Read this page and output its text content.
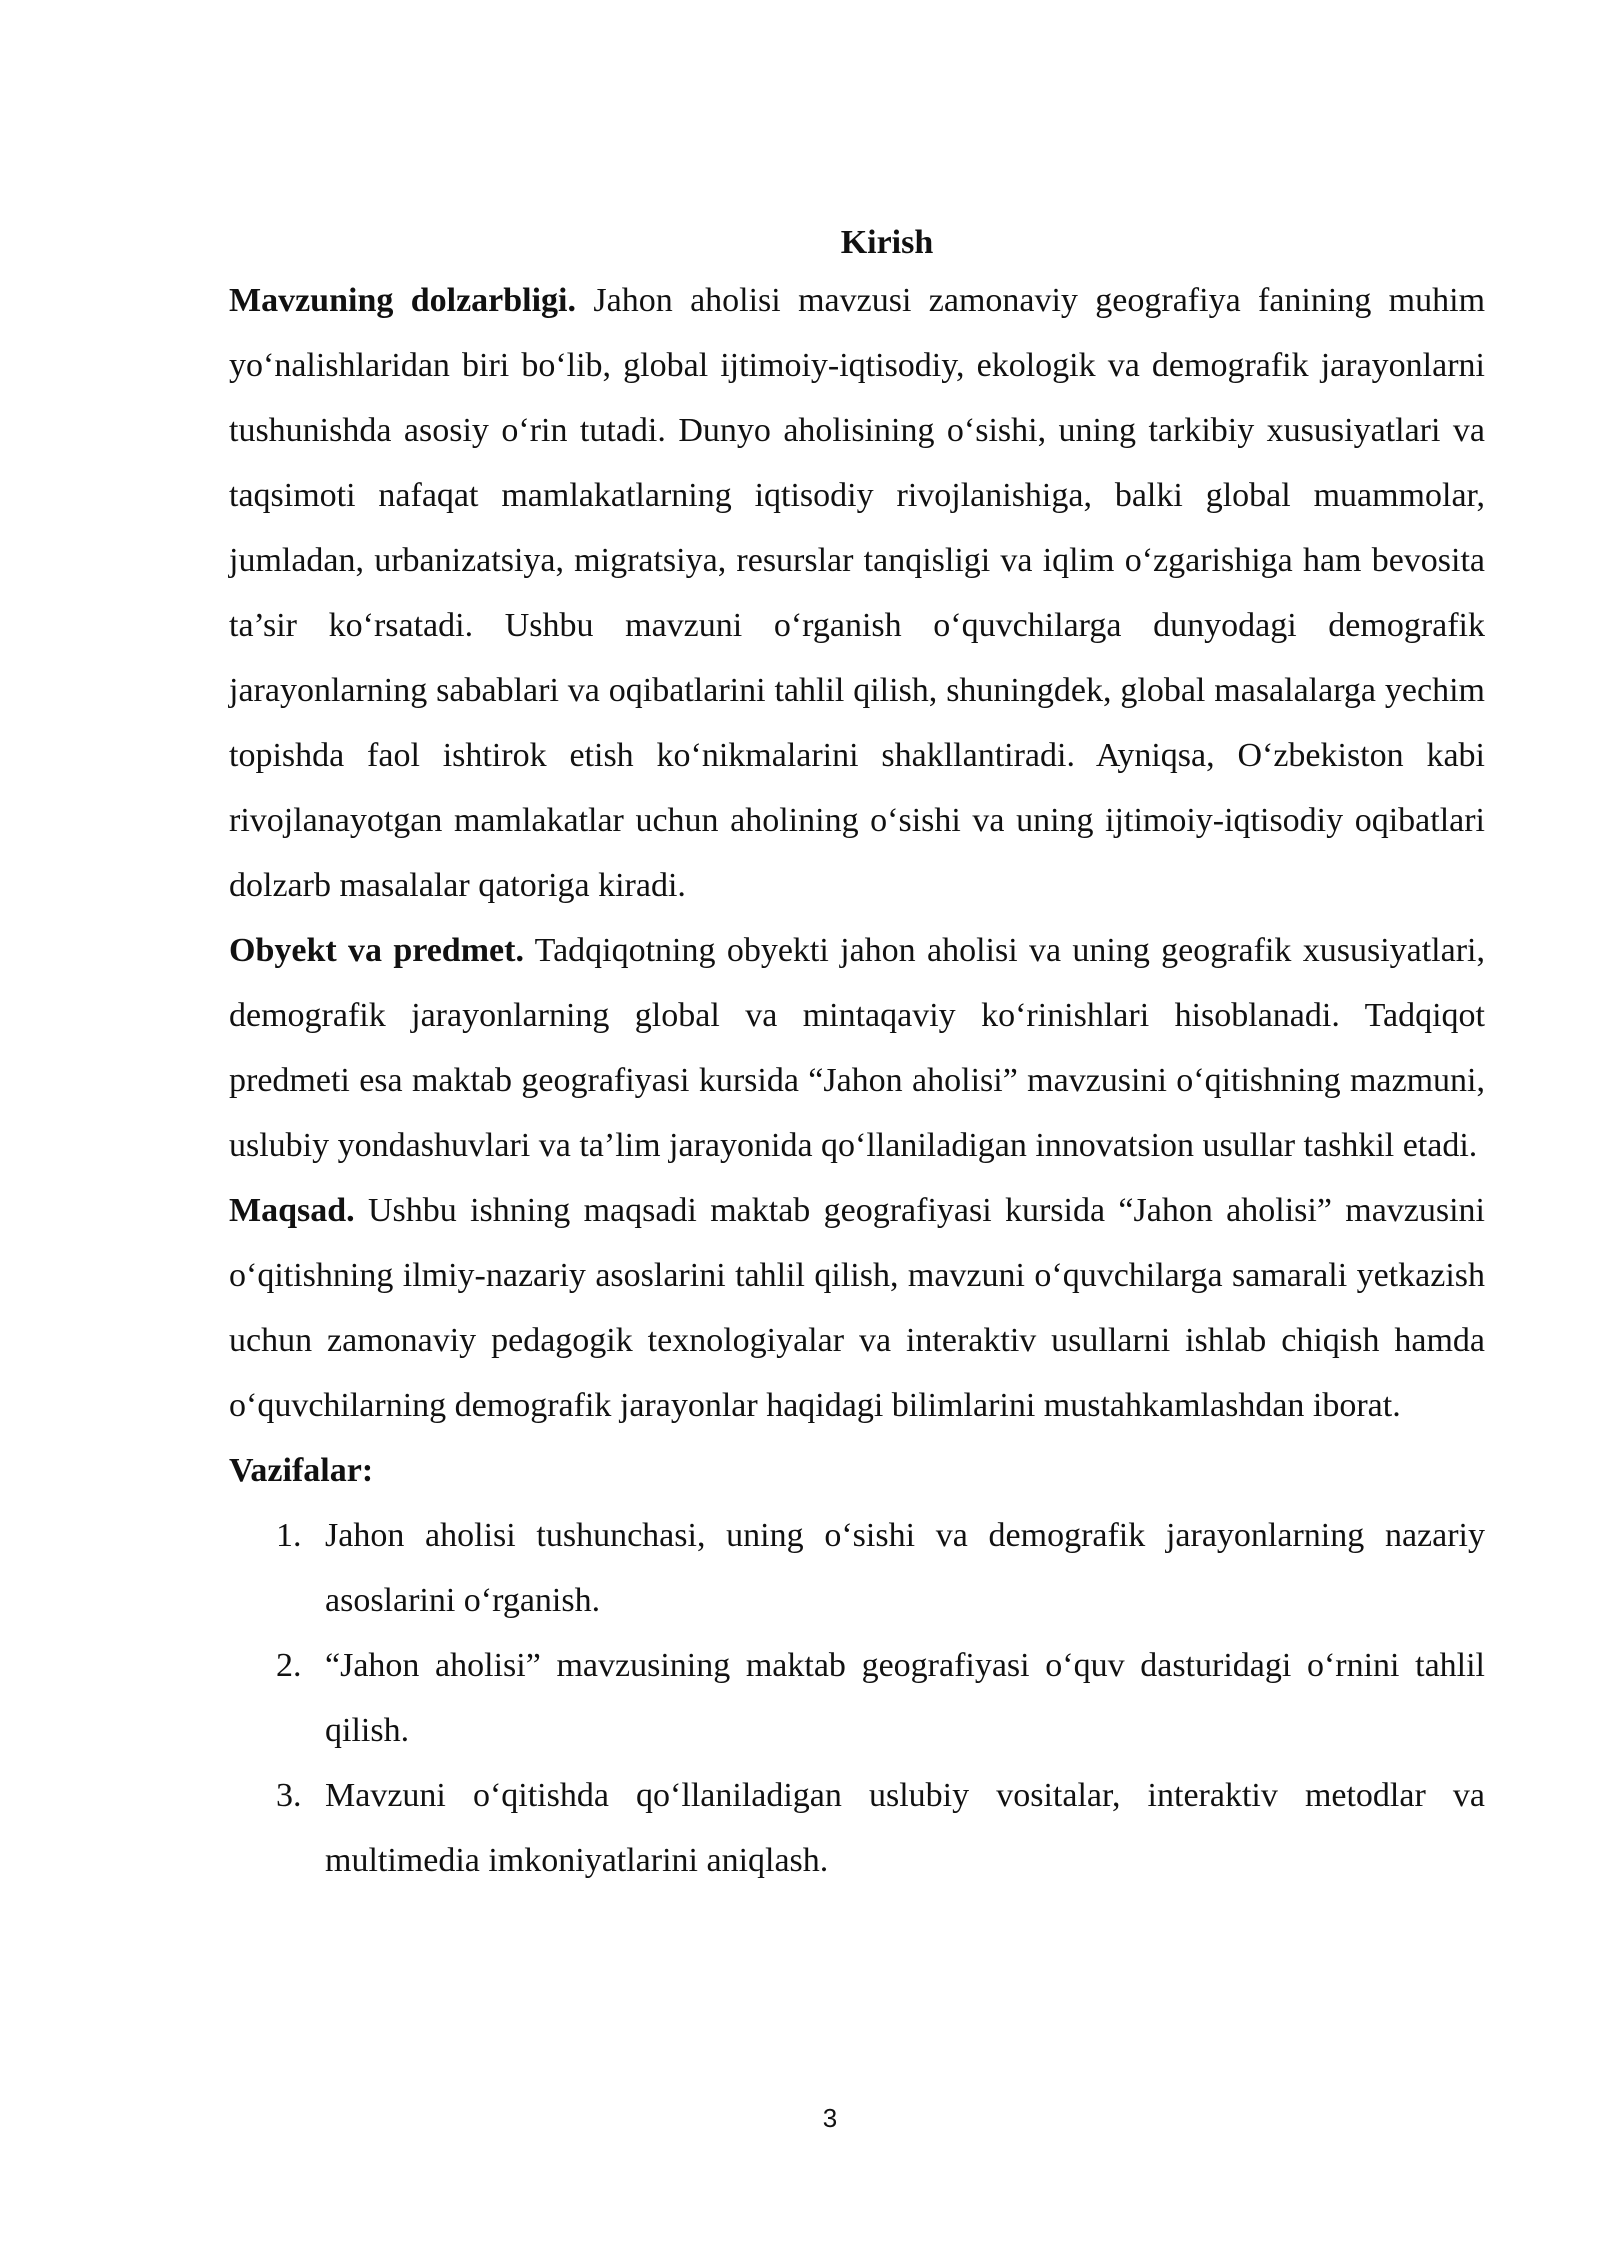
Kirish

Mavzuning dolzarbligi. Jahon aholisi mavzusi zamonaviy geografiya fanining muhim yo‘nalishlaridan biri bo‘lib, global ijtimoiy-iqtisodiy, ekologik va demografik jarayonlarni tushunishda asosiy o‘rin tutadi. Dunyo aholisining o‘sishi, uning tarkibiy xususiyatlari va taqsimoti nafaqat mamlakatlarning iqtisodiy rivojlanishiga, balki global muammolar, jumladan, urbanizatsiya, migratsiya, resurslar tanqisligi va iqlim o‘zgarishiga ham bevosita ta’sir ko‘rsatadi. Ushbu mavzuni o‘rganish o‘quvchilarga dunyodagi demografik jarayonlarning sabablari va oqibatlarini tahlil qilish, shuningdek, global masalalarga yechim topishda faol ishtirok etish ko‘nikmalarini shakllantiradi. Ayniqsa, O‘zbekiston kabi rivojlanayotgan mamlakatlar uchun aholining o‘sishi va uning ijtimoiy-iqtisodiy oqibatlari dolzarb masalalar qatoriga kiradi.

Obyekt va predmet. Tadqiqotning obyekti jahon aholisi va uning geografik xususiyatlari, demografik jarayonlarning global va mintaqaviy ko‘rinishlari hisoblanadi. Tadqiqot predmeti esa maktab geografiyasi kursida “Jahon aholisi” mavzusini o‘qitishning mazmuni, uslubiy yondashuvlari va ta’lim jarayonida qo‘llaniladigan innovatsion usullar tashkil etadi.

Maqsad. Ushbu ishning maqsadi maktab geografiyasi kursida “Jahon aholisi” mavzusini o‘qitishning ilmiy-nazariy asoslarini tahlil qilish, mavzuni o‘quvchilarga samarali yetkazish uchun zamonaviy pedagogik texnologiyalar va interaktiv usullarni ishlab chiqish hamda o‘quvchilarning demografik jarayonlar haqidagi bilimlarini mustahkamlashdan iborat.

Vazifalar:

1. Jahon aholisi tushunchasi, uning o‘sishi va demografik jarayonlarning nazariy asoslarini o‘rganish.
2. “Jahon aholisi” mavzusining maktab geografiyasi o‘quv dasturidagi o‘rnini tahlil qilish.
3. Mavzuni o‘qitishda qo‘llaniladigan uslubiy vositalar, interaktiv metodlar va multimedia imkoniyatlarini aniqlash.
3
